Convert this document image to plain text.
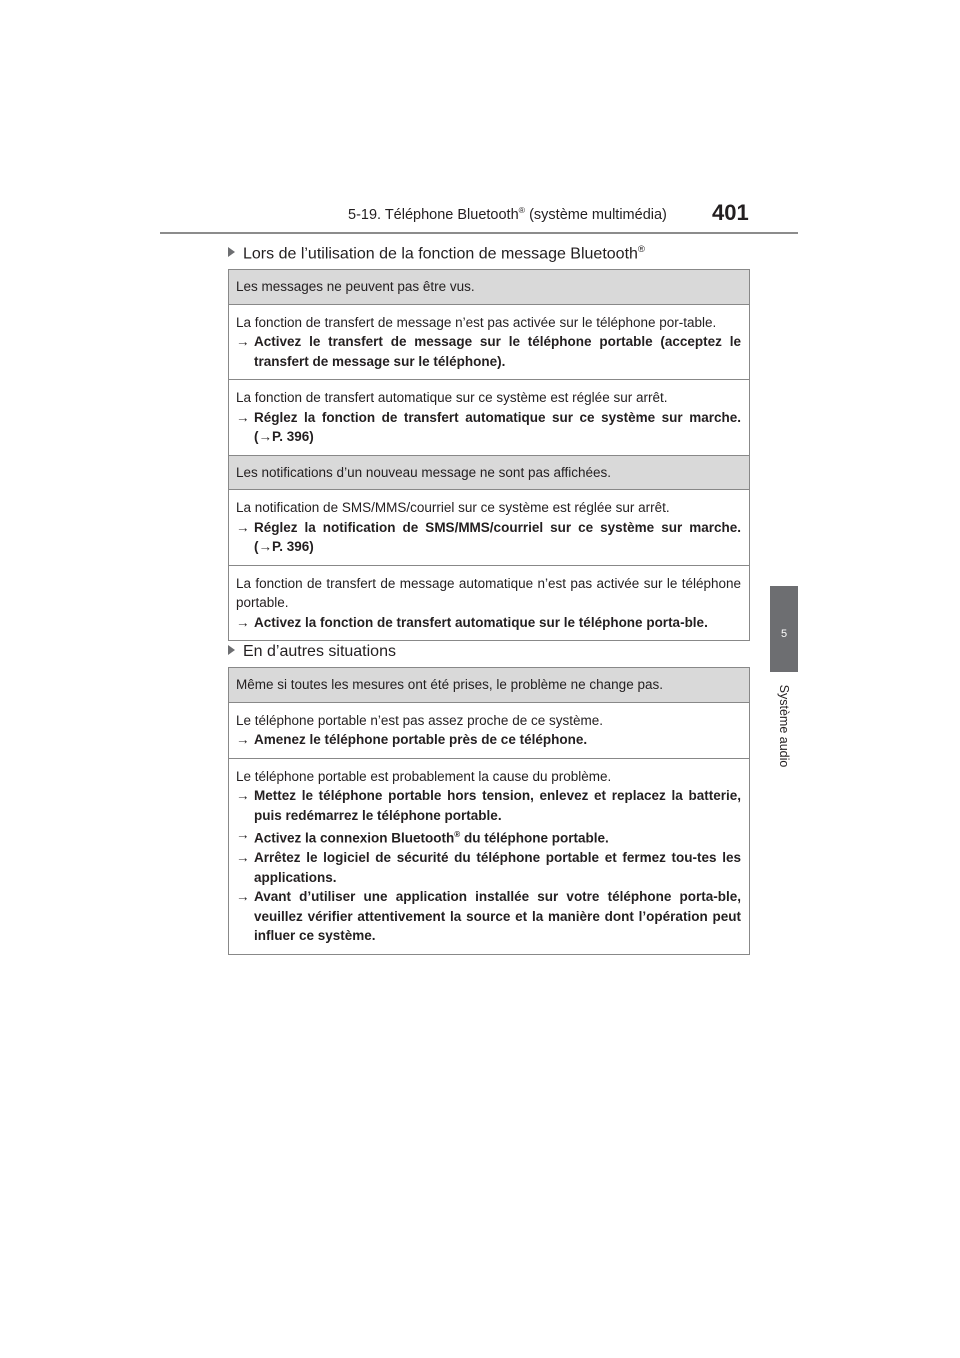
5-19. Téléphone Bluetooth® (système multimédia) 401
5
Système audio
Lors de l’utilisation de la fonction de message Bluetooth®
Les messages ne peuvent pas être vus.
La fonction de transfert de message n’est pas activée sur le téléphone por-table.
→ Activez le transfert de message sur le téléphone portable (acceptez le transfert de message sur le téléphone).
La fonction de transfert automatique sur ce système est réglée sur arrêt.
→ Réglez la fonction de transfert automatique sur ce système sur marche. (→P. 396)
Les notifications d’un nouveau message ne sont pas affichées.
La notification de SMS/MMS/courriel sur ce système est réglée sur arrêt.
→ Réglez la notification de SMS/MMS/courriel sur ce système sur marche. (→P. 396)
La fonction de transfert de message automatique n’est pas activée sur le téléphone portable.
→ Activez la fonction de transfert automatique sur le téléphone porta-ble.
En d’autres situations
Même si toutes les mesures ont été prises, le problème ne change pas.
Le téléphone portable n’est pas assez proche de ce système.
→ Amenez le téléphone portable près de ce téléphone.
Le téléphone portable est probablement la cause du problème.
→ Mettez le téléphone portable hors tension, enlevez et replacez la batterie, puis redémarrez le téléphone portable.
→ Activez la connexion Bluetooth® du téléphone portable.
→ Arrêtez le logiciel de sécurité du téléphone portable et fermez tou-tes les applications.
→ Avant d’utiliser une application installée sur votre téléphone porta-ble, veuillez vérifier attentivement la source et la manière dont l’opération peut influer ce système.
